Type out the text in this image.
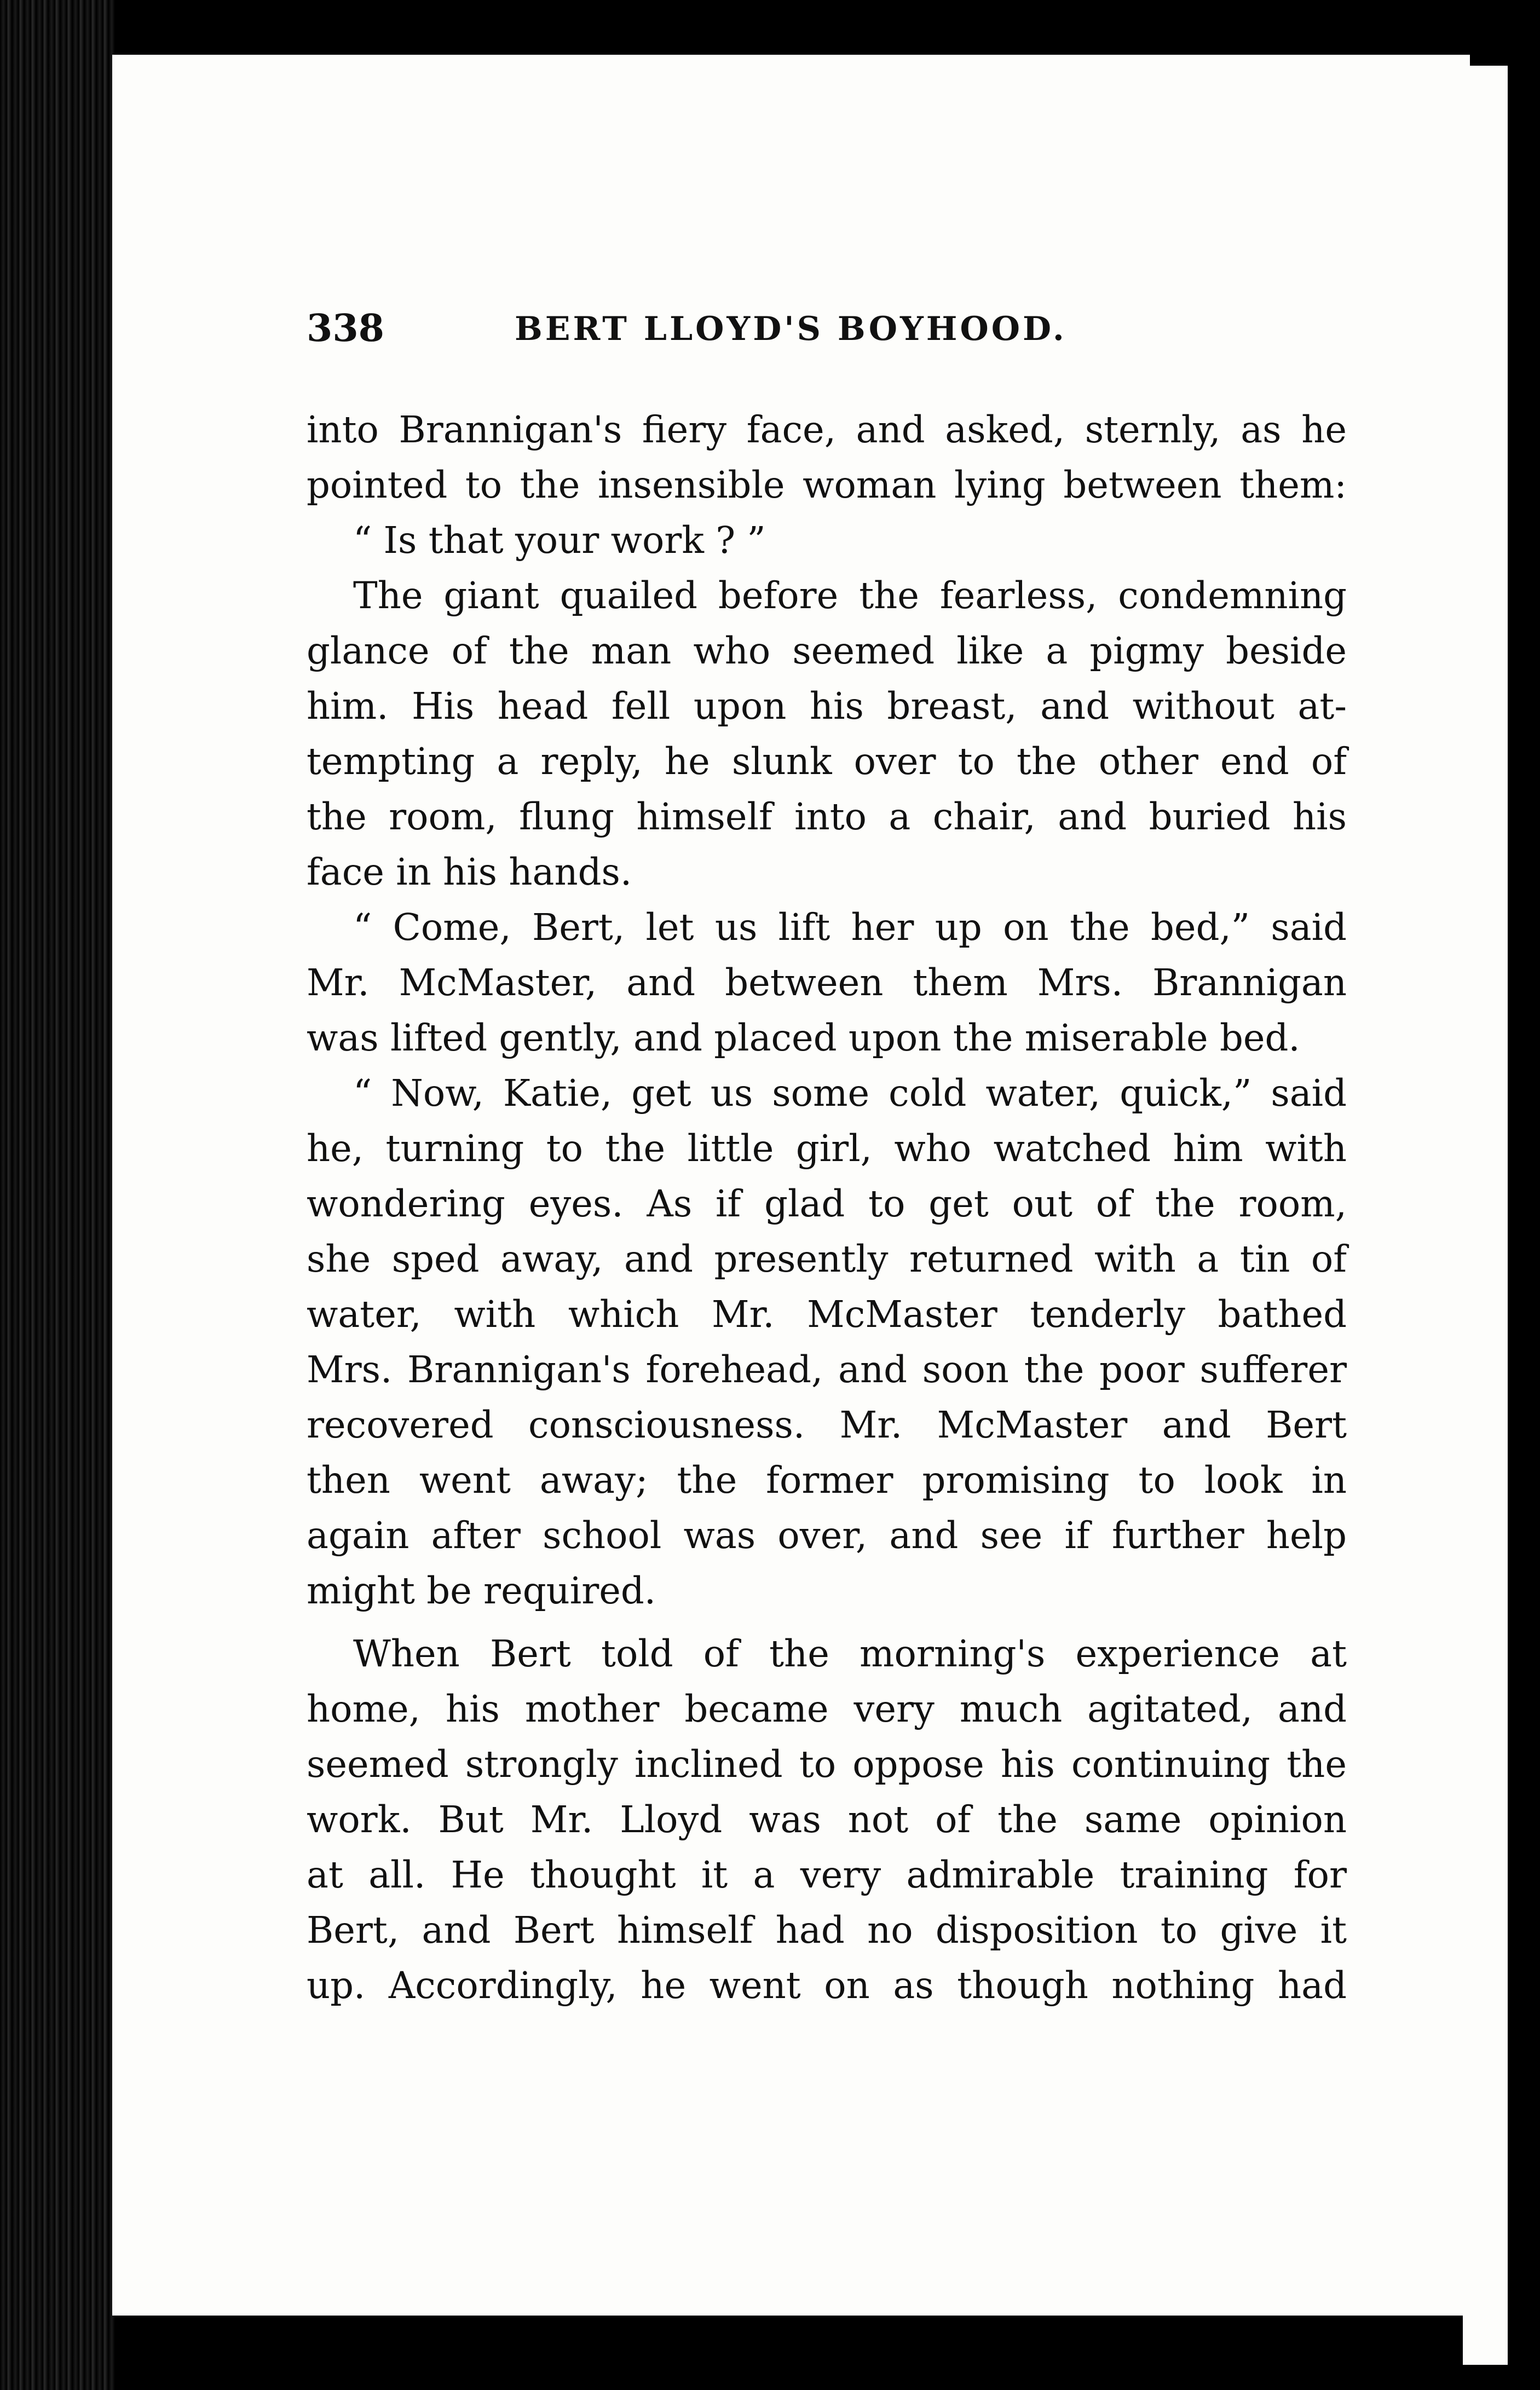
338	BERT LLOYD'S BOYHOOD.
into Brannigan's fiery face, and asked, sternly, as he
pointed to the insensible woman lying between them:
“ Is that your work ? ”
The giant quailed before the fearless, condemning
glance of the man who seemed like a pigmy beside
him. His head fell upon his breast, and without at-
tempting a reply, he slunk over to the other end of
the room, flung himself into a chair, and buried his
face in his hands.
“ Come, Bert, let us lift her up on the bed,” said
Mr. McMaster, and between them Mrs. Brannigan
was lifted gently, and placed upon the miserable bed.
“ Now, Katie, get us some cold water, quick,” said
he, turning to the little girl, who watched him with
wondering eyes. As if glad to get out of the room,
she sped away, and presently returned with a tin of
water, with which Mr. McMaster tenderly bathed
Mrs. Brannigan's forehead, and soon the poor sufferer
recovered consciousness. Mr. McMaster and Bert
then went away; the former promising to look in
again after school was over, and see if further help
might be required.
When Bert told of the morning's experience at
home, his mother became very much agitated, and
seemed strongly inclined to oppose his continuing the
work. But Mr. Lloyd was not of the same opinion
at all. He thought it a very admirable training for
Bert, and Bert himself had no disposition to give it
up. Accordingly, he went on as though nothing had
